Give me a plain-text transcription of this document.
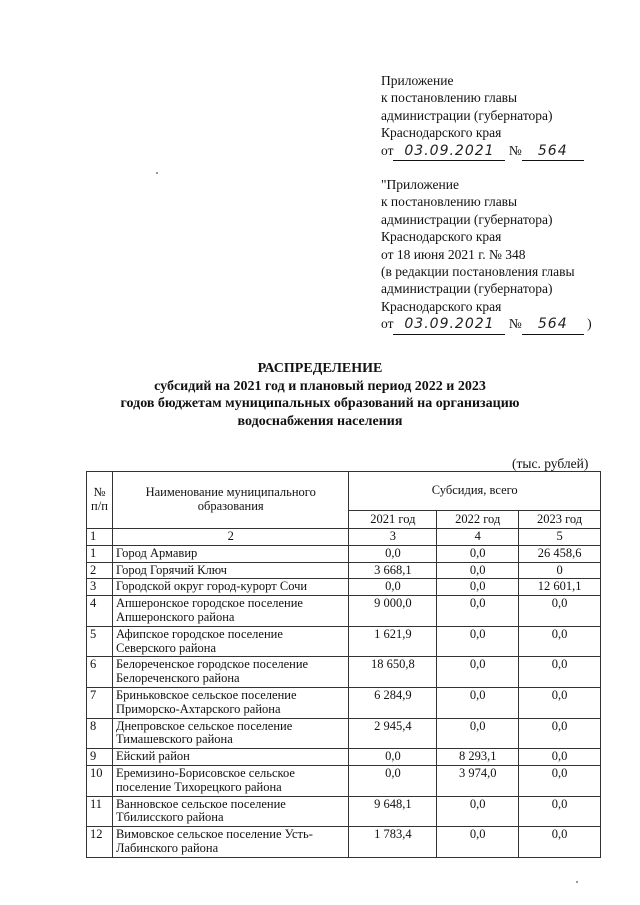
Приложение
к постановлению главы
администрации (губернатора)
Краснодарского края
от 03.09.2021 № 564
"Приложение
к постановлению главы
администрации (губернатора)
Краснодарского края
от 18 июня 2021 г. № 348
(в редакции постановления главы
администрации (губернатора)
Краснодарского края
от 03.09.2021 № 564 )
РАСПРЕДЕЛЕНИЕ
субсидий на 2021 год и плановый период 2022 и 2023
годов бюджетам муниципальных образований на организацию
водоснабжения населения
(тыс. рублей)
№ п/п	Наименование муниципального образования	Субсидия, всего		
		2021 год	2022 год	2023 год
1	2	3	4	5
1	Город Армавир	0,0	0,0	26 458,6
2	Город Горячий Ключ	3 668,1	0,0	0
3	Городской округ город-курорт Сочи	0,0	0,0	12 601,1
4	Апшеронское городское поселение Апшеронского района	9 000,0	0,0	0,0
5	Афипское городское поселение Северского района	1 621,9	0,0	0,0
6	Белореченское городское поселение Белореченского района	18 650,8	0,0	0,0
7	Бриньковское сельское поселение Приморско-Ахтарского района	6 284,9	0,0	0,0
8	Днепровское сельское поселение Тимашевского района	2 945,4	0,0	0,0
9	Ейский район	0,0	8 293,1	0,0
10	Еремизино-Борисовское сельское поселение Тихорецкого района	0,0	3 974,0	0,0
11	Ванновское сельское поселение Тбилисского района	9 648,1	0,0	0,0
12	Вимовское сельское поселение Усть-Лабинского района	1 783,4	0,0	0,0
